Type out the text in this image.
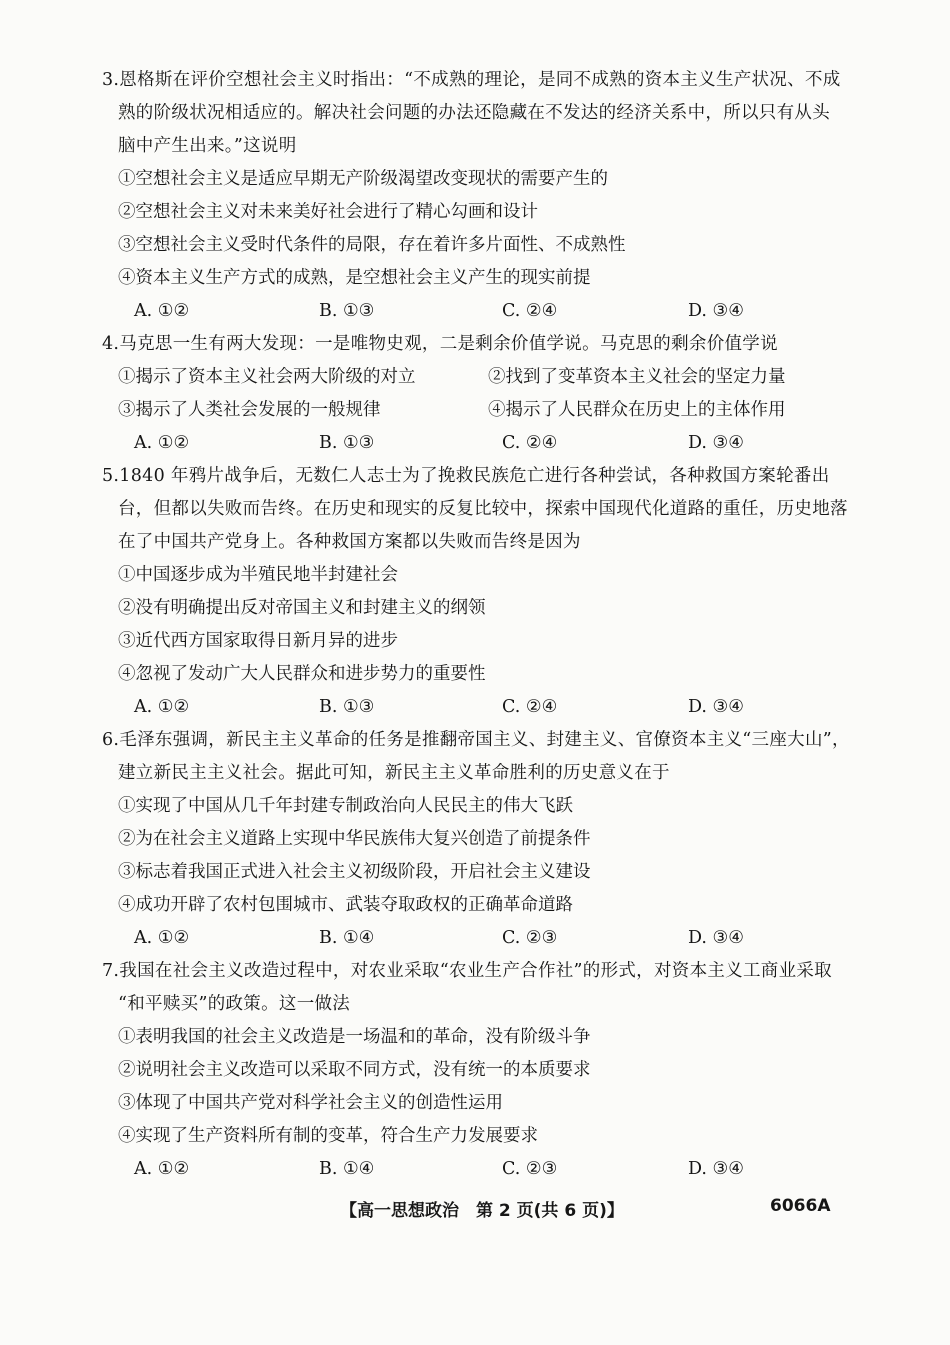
3.恩格斯在评价空想社会主义时指出：“不成熟的理论，是同不成熟的资本主义生产状况、不成
熟的阶级状况相适应的。解决社会问题的办法还隐藏在不发达的经济关系中，所以只有从头
脑中产生出来。”这说明
①空想社会主义是适应早期无产阶级渴望改变现状的需要产生的
②空想社会主义对未来美好社会进行了精心勾画和设计
③空想社会主义受时代条件的局限，存在着许多片面性、不成熟性
④资本主义生产方式的成熟，是空想社会主义产生的现实前提
A. ①②	B. ①③	C. ②④	D. ③④
4.马克思一生有两大发现：一是唯物史观，二是剩余价值学说。马克思的剩余价值学说
①揭示了资本主义社会两大阶级的对立	②找到了变革资本主义社会的坚定力量
③揭示了人类社会发展的一般规律	④揭示了人民群众在历史上的主体作用
A. ①②	B. ①③	C. ②④	D. ③④
5.1840 年鸦片战争后，无数仁人志士为了挽救民族危亡进行各种尝试，各种救国方案轮番出
台，但都以失败而告终。在历史和现实的反复比较中，探索中国现代化道路的重任，历史地落
在了中国共产党身上。各种救国方案都以失败而告终是因为
①中国逐步成为半殖民地半封建社会
②没有明确提出反对帝国主义和封建主义的纲领
③近代西方国家取得日新月异的进步
④忽视了发动广大人民群众和进步势力的重要性
A. ①②	B. ①③	C. ②④	D. ③④
6.毛泽东强调，新民主主义革命的任务是推翻帝国主义、封建主义、官僚资本主义“三座大山”，
建立新民主主义社会。据此可知，新民主主义革命胜利的历史意义在于
①实现了中国从几千年封建专制政治向人民民主的伟大飞跃
②为在社会主义道路上实现中华民族伟大复兴创造了前提条件
③标志着我国正式进入社会主义初级阶段，开启社会主义建设
④成功开辟了农村包围城市、武装夺取政权的正确革命道路
A. ①②	B. ①④	C. ②③	D. ③④
7.我国在社会主义改造过程中，对农业采取“农业生产合作社”的形式，对资本主义工商业采取
“和平赎买”的政策。这一做法
①表明我国的社会主义改造是一场温和的革命，没有阶级斗争
②说明社会主义改造可以采取不同方式，没有统一的本质要求
③体现了中国共产党对科学社会主义的创造性运用
④实现了生产资料所有制的变革，符合生产力发展要求
A. ①②	B. ①④	C. ②③	D. ③④
【高一思想政治　第 2 页(共 6 页)】	6066A
